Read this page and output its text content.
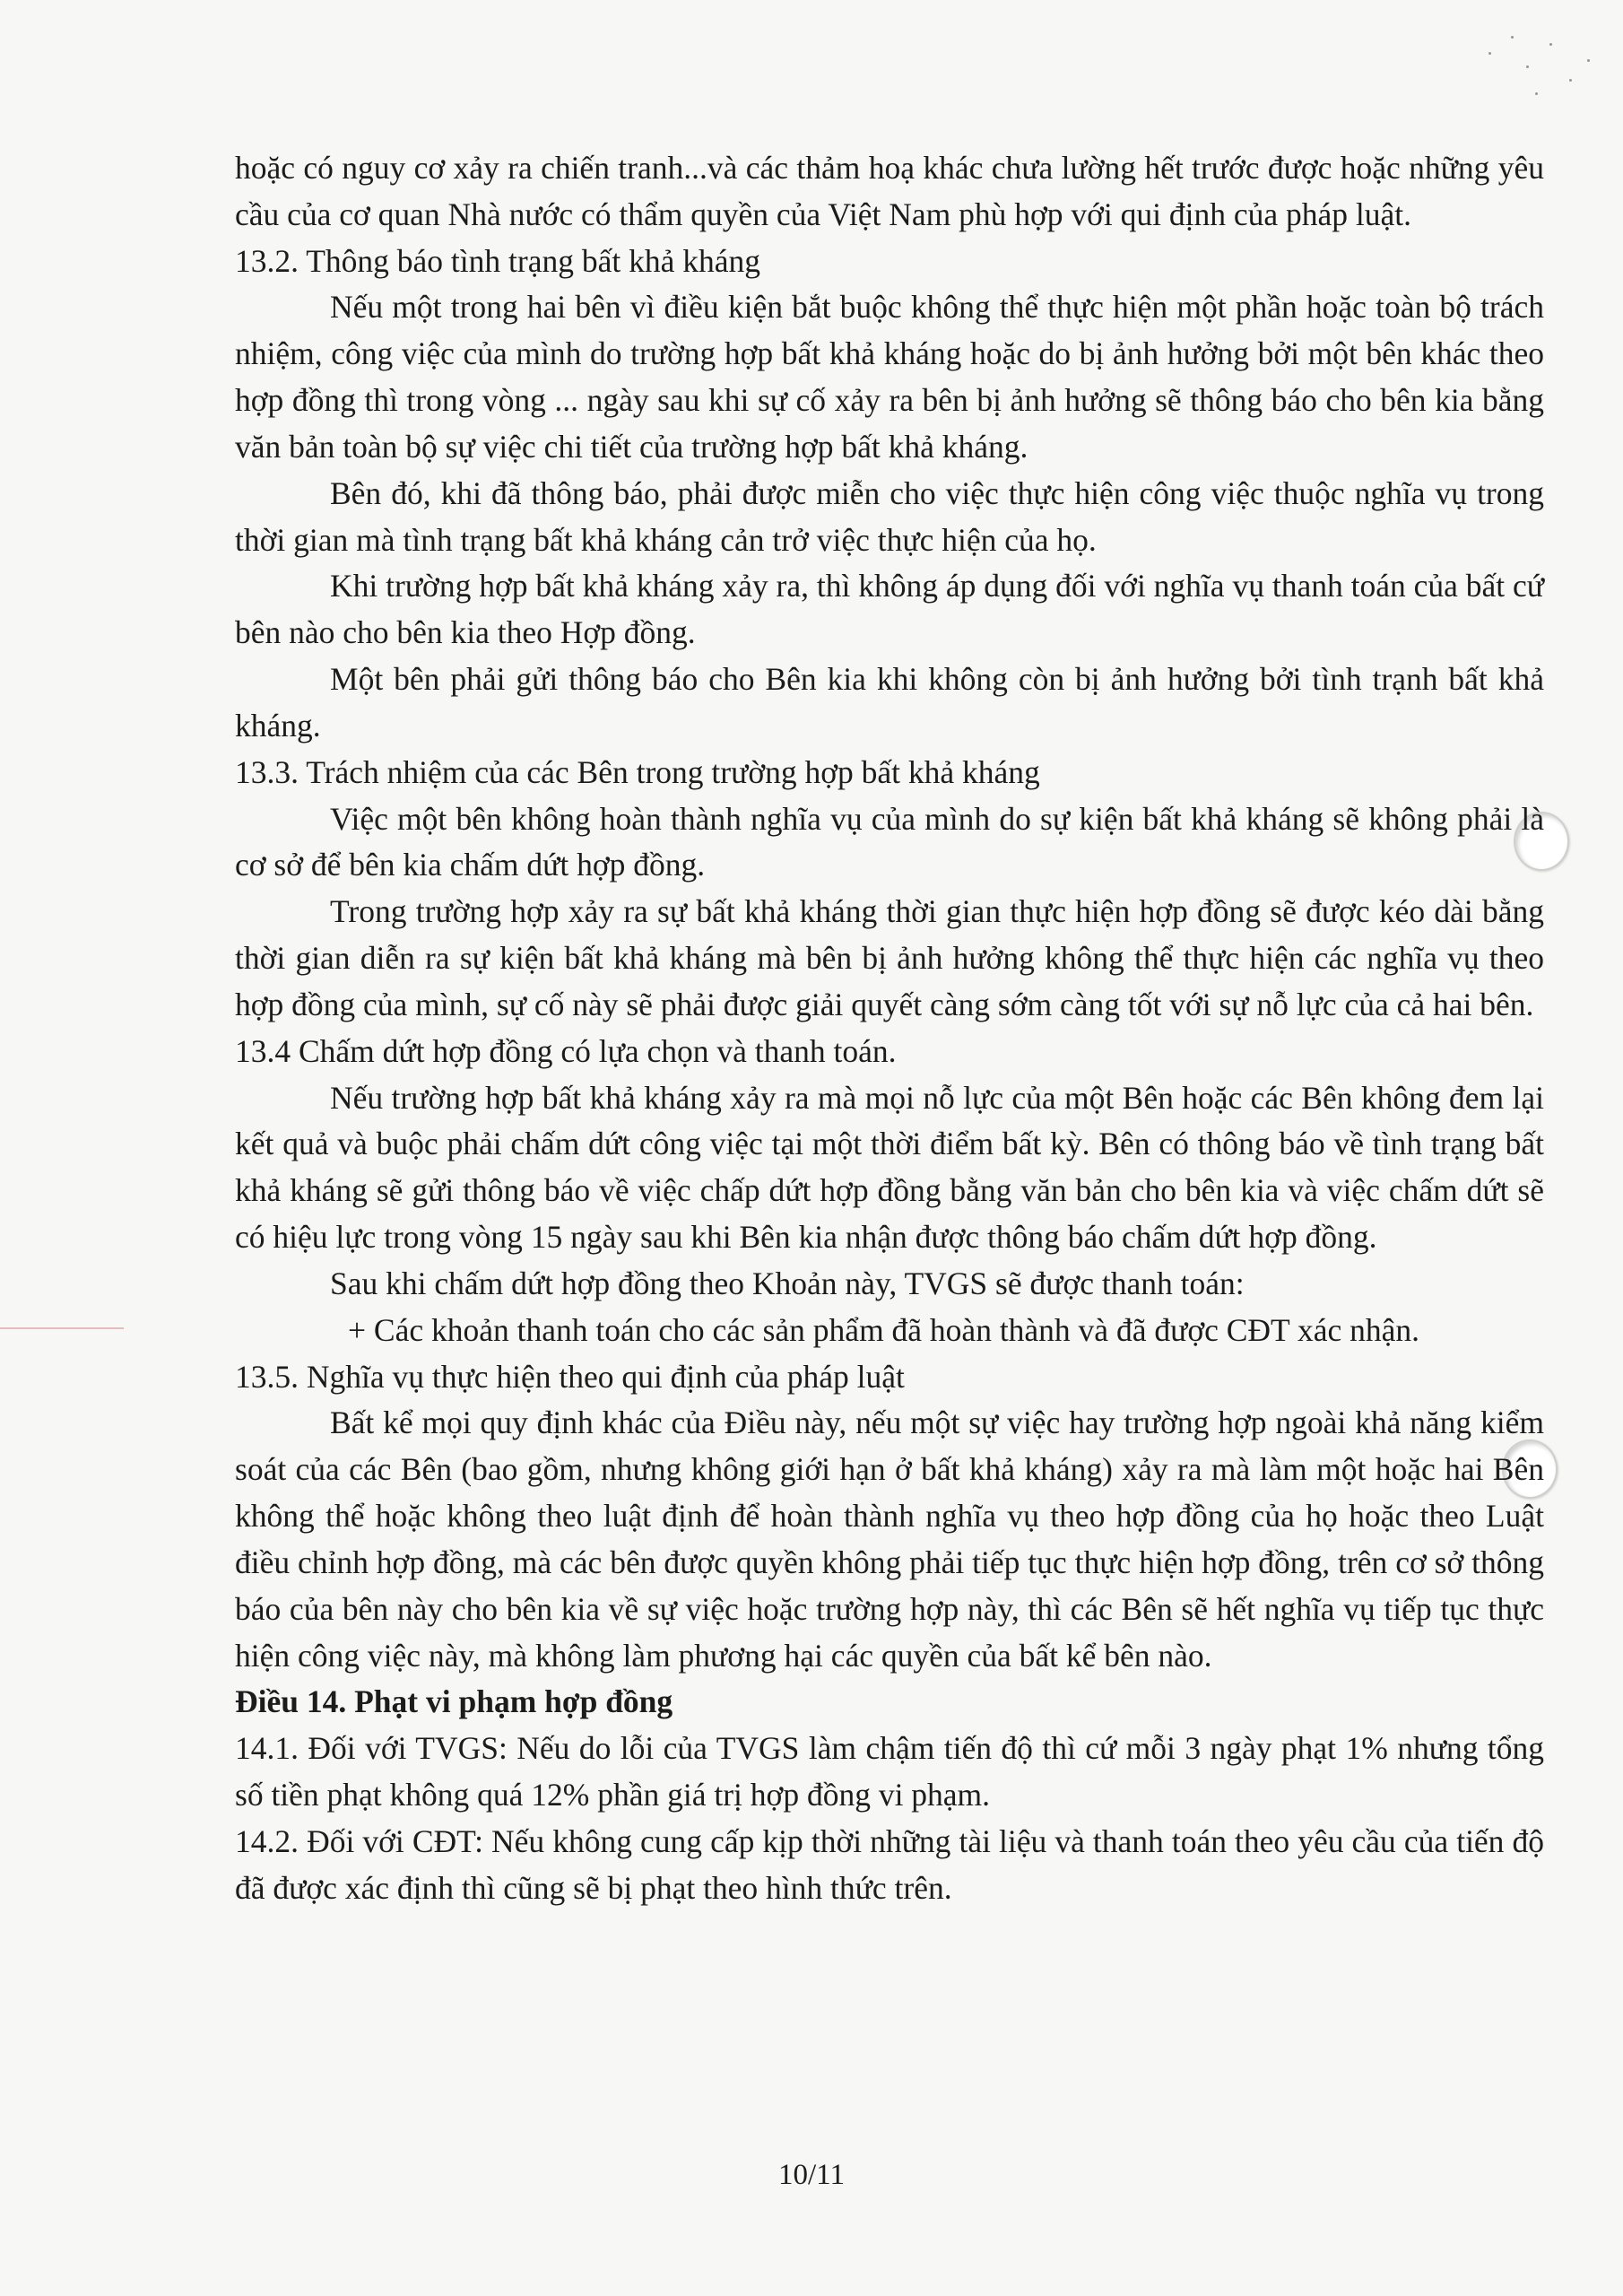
hoặc có nguy cơ xảy ra chiến tranh...và các thảm hoạ khác chưa lường hết trước được hoặc những yêu cầu của cơ quan Nhà nước có thẩm quyền của Việt Nam phù hợp với qui định của pháp luật.

13.2. Thông báo tình trạng bất khả kháng

Nếu một trong hai bên vì điều kiện bắt buộc không thể thực hiện một phần hoặc toàn bộ trách nhiệm, công việc của mình do trường hợp bất khả kháng hoặc do bị ảnh hưởng bởi một bên khác theo hợp đồng thì trong vòng ... ngày sau khi sự cố xảy ra bên bị ảnh hưởng sẽ thông báo cho bên kia bằng văn bản toàn bộ sự việc chi tiết của trường hợp bất khả kháng.

Bên đó, khi đã thông báo, phải được miễn cho việc thực hiện công việc thuộc nghĩa vụ trong thời gian mà tình trạng bất khả kháng cản trở việc thực hiện của họ.

Khi trường hợp bất khả kháng xảy ra, thì không áp dụng đối với nghĩa vụ thanh toán của bất cứ bên nào cho bên kia theo Hợp đồng.

Một bên phải gửi thông báo cho Bên kia khi không còn bị ảnh hưởng bởi tình trạnh bất khả kháng.

13.3. Trách nhiệm của các Bên trong trường hợp bất khả kháng

Việc một bên không hoàn thành nghĩa vụ của mình do sự kiện bất khả kháng sẽ không phải là cơ sở để bên kia chấm dứt hợp đồng.

Trong trường hợp xảy ra sự bất khả kháng thời gian thực hiện hợp đồng sẽ được kéo dài bằng thời gian diễn ra sự kiện bất khả kháng mà bên bị ảnh hưởng không thể thực hiện các nghĩa vụ theo hợp đồng của mình, sự cố này sẽ phải được giải quyết càng sớm càng tốt với sự nỗ lực của cả hai bên.

13.4 Chấm dứt hợp đồng có lựa chọn và thanh toán.

Nếu trường hợp bất khả kháng xảy ra mà mọi nỗ lực của một Bên hoặc các Bên không đem lại kết quả và buộc phải chấm dứt công việc tại một thời điểm bất kỳ. Bên có thông báo về tình trạng bất khả kháng sẽ gửi thông báo về việc chấp dứt hợp đồng bằng văn bản cho bên kia và việc chấm dứt sẽ có hiệu lực trong vòng 15 ngày sau khi Bên kia nhận được thông báo chấm dứt hợp đồng.

Sau khi chấm dứt hợp đồng theo Khoản này, TVGS sẽ được thanh toán:

+ Các khoản thanh toán cho các sản phẩm đã hoàn thành và đã được CĐT xác nhận.

13.5. Nghĩa vụ thực hiện theo qui định của pháp luật

Bất kể mọi quy định khác của Điều này, nếu một sự việc hay trường hợp ngoài khả năng kiểm soát của các Bên (bao gồm, nhưng không giới hạn ở bất khả kháng) xảy ra mà làm một hoặc hai Bên không thể hoặc không theo luật định để hoàn thành nghĩa vụ theo hợp đồng của họ hoặc theo Luật điều chỉnh hợp đồng, mà các bên được quyền không phải tiếp tục thực hiện hợp đồng, trên cơ sở thông báo của bên này cho bên kia về sự việc hoặc trường hợp này, thì các Bên sẽ hết nghĩa vụ tiếp tục thực hiện công việc này, mà không làm phương hại các quyền của bất kể bên nào.

Điều 14. Phạt vi phạm hợp đồng

14.1. Đối với TVGS: Nếu do lỗi của TVGS làm chậm tiến độ thì cứ mỗi 3 ngày phạt 1% nhưng tổng số tiền phạt không quá 12% phần giá trị hợp đồng vi phạm.

14.2. Đối với CĐT: Nếu không cung cấp kịp thời những tài liệu và thanh toán theo yêu cầu của tiến độ đã được xác định thì cũng sẽ bị phạt theo hình thức trên.

10/11
